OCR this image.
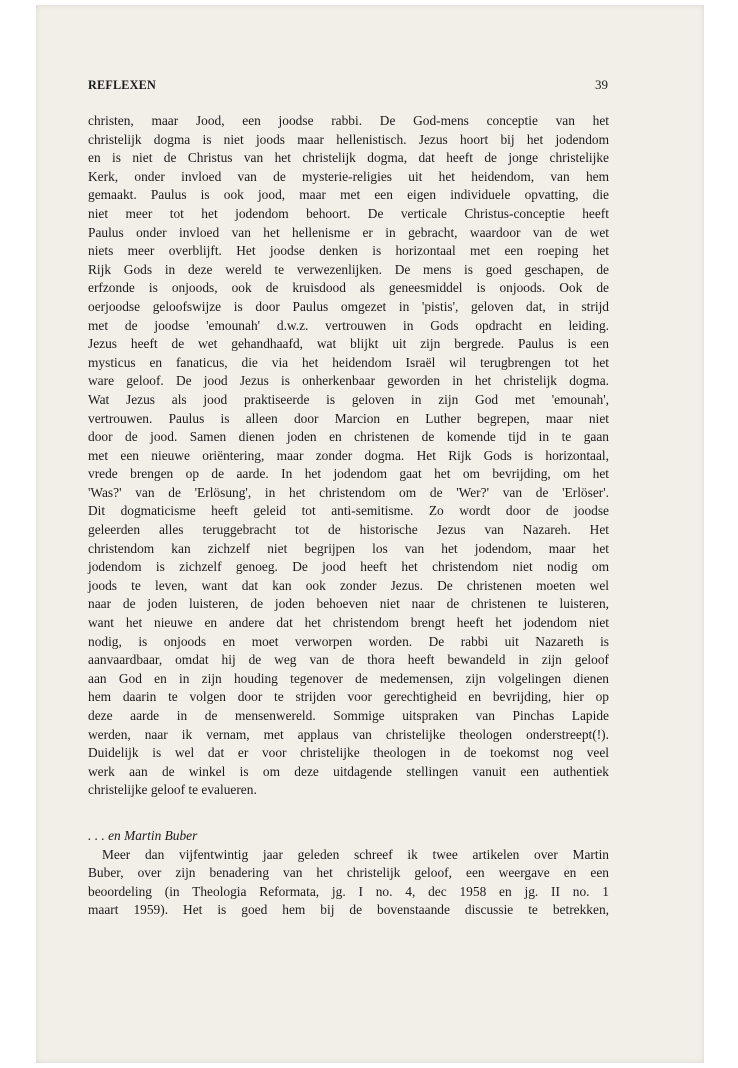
REFLEXEN	39
christen, maar Jood, een joodse rabbi. De God-mens conceptie van het
christelijk dogma is niet joods maar hellenistisch. Jezus hoort bij het jodendom
en is niet de Christus van het christelijk dogma, dat heeft de jonge christelijke
Kerk, onder invloed van de mysterie-religies uit het heidendom, van hem
gemaakt. Paulus is ook jood, maar met een eigen individuele opvatting, die
niet meer tot het jodendom behoort. De verticale Christus-conceptie heeft
Paulus onder invloed van het hellenisme er in gebracht, waardoor van de wet
niets meer overblijft. Het joodse denken is horizontaal met een roeping het
Rijk Gods in deze wereld te verwezenlijken. De mens is goed geschapen, de
erfzonde is onjoods, ook de kruisdood als geneesmiddel is onjoods. Ook de
oerjoodse geloofswijze is door Paulus omgezet in 'pistis', geloven dat, in strijd
met de joodse 'emounah' d.w.z. vertrouwen in Gods opdracht en leiding.
Jezus heeft de wet gehandhaafd, wat blijkt uit zijn bergrede. Paulus is een
mysticus en fanaticus, die via het heidendom Israël wil terugbrengen tot het
ware geloof. De jood Jezus is onherkenbaar geworden in het christelijk dogma.
Wat Jezus als jood praktiseerde is geloven in zijn God met 'emounah',
vertrouwen. Paulus is alleen door Marcion en Luther begrepen, maar niet
door de jood. Samen dienen joden en christenen de komende tijd in te gaan
met een nieuwe oriëntering, maar zonder dogma. Het Rijk Gods is horizontaal,
vrede brengen op de aarde. In het jodendom gaat het om bevrijding, om het
'Was?' van de 'Erlösung', in het christendom om de 'Wer?' van de 'Erlöser'.
Dit dogmaticisme heeft geleid tot anti-semitisme. Zo wordt door de joodse
geleerden alles teruggebracht tot de historische Jezus van Nazareh. Het
christendom kan zichzelf niet begrijpen los van het jodendom, maar het
jodendom is zichzelf genoeg. De jood heeft het christendom niet nodig om
joods te leven, want dat kan ook zonder Jezus. De christenen moeten wel
naar de joden luisteren, de joden behoeven niet naar de christenen te luisteren,
want het nieuwe en andere dat het christendom brengt heeft het jodendom niet
nodig, is onjoods en moet verworpen worden. De rabbi uit Nazareth is
aanvaardbaar, omdat hij de weg van de thora heeft bewandeld in zijn geloof
aan God en in zijn houding tegenover de medemensen, zijn volgelingen dienen
hem daarin te volgen door te strijden voor gerechtigheid en bevrijding, hier op
deze aarde in de mensenwereld. Sommige uitspraken van Pinchas Lapide
werden, naar ik vernam, met applaus van christelijke theologen onderstreept(!).
Duidelijk is wel dat er voor christelijke theologen in de toekomst nog veel
werk aan de winkel is om deze uitdagende stellingen vanuit een authentiek
christelijke geloof te evalueren.
. . . en Martin Buber
Meer dan vijfentwintig jaar geleden schreef ik twee artikelen over Martin
Buber, over zijn benadering van het christelijk geloof, een weergave en een
beoordeling (in Theologia Reformata, jg. I no. 4, dec 1958 en jg. II no. 1
maart 1959). Het is goed hem bij de bovenstaande discussie te betrekken,
